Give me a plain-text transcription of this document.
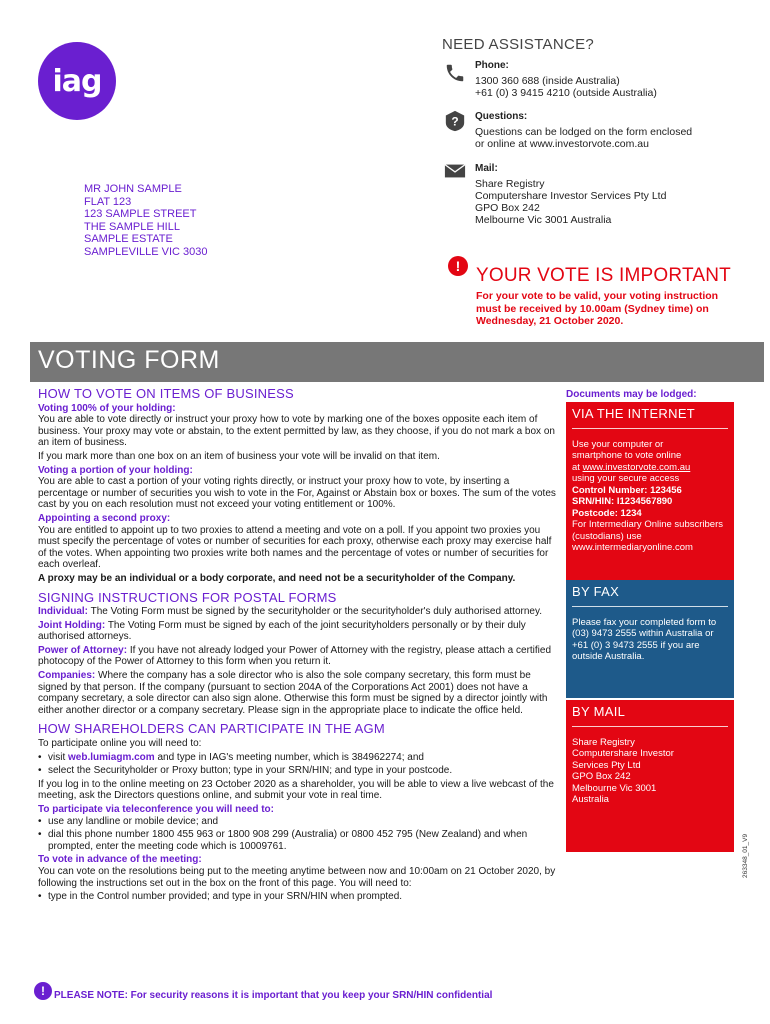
iag
MR JOHN SAMPLE
FLAT 123
123 SAMPLE STREET
THE SAMPLE HILL
SAMPLE ESTATE
SAMPLEVILLE VIC 3030
NEED ASSISTANCE?
Phone:
1300 360 688 (inside Australia)
+61 (0) 3 9415 4210 (outside Australia)
? Questions:
Questions can be lodged on the form enclosed
or online at www.investorvote.com.au
Mail:
Share Registry
Computershare Investor Services Pty Ltd
GPO Box 242
Melbourne Vic 3001 Australia
! YOUR VOTE IS IMPORTANT
For your vote to be valid, your voting instruction must be received by 10.00am (Sydney time) on Wednesday, 21 October 2020.
VOTING FORM
HOW TO VOTE ON ITEMS OF BUSINESS
Voting 100% of your holding:

You are able to vote directly or instruct your proxy how to vote by marking one of the boxes opposite each item of business. Your proxy may vote or abstain, to the extent permitted by law, as they choose, if you do not mark a box on an item of business.

If you mark more than one box on an item of business your vote will be invalid on that item.

Voting a portion of your holding:

You are able to cast a portion of your voting rights directly, or instruct your proxy how to vote, by inserting a percentage or number of securities you wish to vote in the For, Against or Abstain box or boxes. The sum of the votes cast by you on each resolution must not exceed your voting entitlement or 100%.

Appointing a second proxy:

You are entitled to appoint up to two proxies to attend a meeting and vote on a poll. If you appoint two proxies you must specify the percentage of votes or number of securities for each proxy, otherwise each proxy may exercise half of the votes. When appointing two proxies write both names and the percentage of votes or number of securities for each overleaf.

A proxy may be an individual or a body corporate, and need not be a securityholder of the Company.

SIGNING INSTRUCTIONS FOR POSTAL FORMS

Individual: The Voting Form must be signed by the securityholder or the securityholder's duly authorised attorney.

Joint Holding: The Voting Form must be signed by each of the joint securityholders personally or by their duly authorised attorneys.

Power of Attorney: If you have not already lodged your Power of Attorney with the registry, please attach a certified photocopy of the Power of Attorney to this form when you return it.

Companies: Where the company has a sole director who is also the sole company secretary, this form must be signed by that person. If the company (pursuant to section 204A of the Corporations Act 2001) does not have a company secretary, a sole director can also sign alone. Otherwise this form must be signed by a director jointly with either another director or a company secretary. Please sign in the appropriate place to indicate the office held.

HOW SHAREHOLDERS CAN PARTICIPATE IN THE AGM

To participate online you will need to:

• visit web.lumiagm.com and type in IAG's meeting number, which is 384962274; and
• select the Securityholder or Proxy button; type in your SRN/HIN; and type in your postcode.

If you log in to the online meeting on 23 October 2020 as a shareholder, you will be able to view a live webcast of the meeting, ask the Directors questions online, and submit your vote in real time.

To participate via teleconference you will need to:
• use any landline or mobile device; and
• dial this phone number 1800 455 963 or 1800 908 299 (Australia) or 0800 452 795 (New Zealand) and when prompted, enter the meeting code which is 10009761.
To vote in advance of the meeting:

You can vote on the resolutions being put to the meeting anytime between now and 10:00am on 21 October 2020, by following the instructions set out in the box on the front of this page. You will need to:

• type in the Control number provided; and type in your SRN/HIN when prompted.
Documents may be lodged:
VIA THE INTERNET
Use your computer or
smartphone to vote online
at www.investorvote.com.au
using your secure access
Control Number: 123456
SRN/HIN: I1234567890
Postcode: 1234
For Intermediary Online subscribers (custodians) use www.intermediaryonline.com
BY FAX
Please fax your completed form to (03) 9473 2555 within Australia or +61 (0) 3 9473 2555 if you are outside Australia.
BY MAIL
Share Registry
Computershare Investor
Services Pty Ltd
GPO Box 242
Melbourne Vic 3001
Australia
263348_01_V9
! PLEASE NOTE: For security reasons it is important that you keep your SRN/HIN confidential
